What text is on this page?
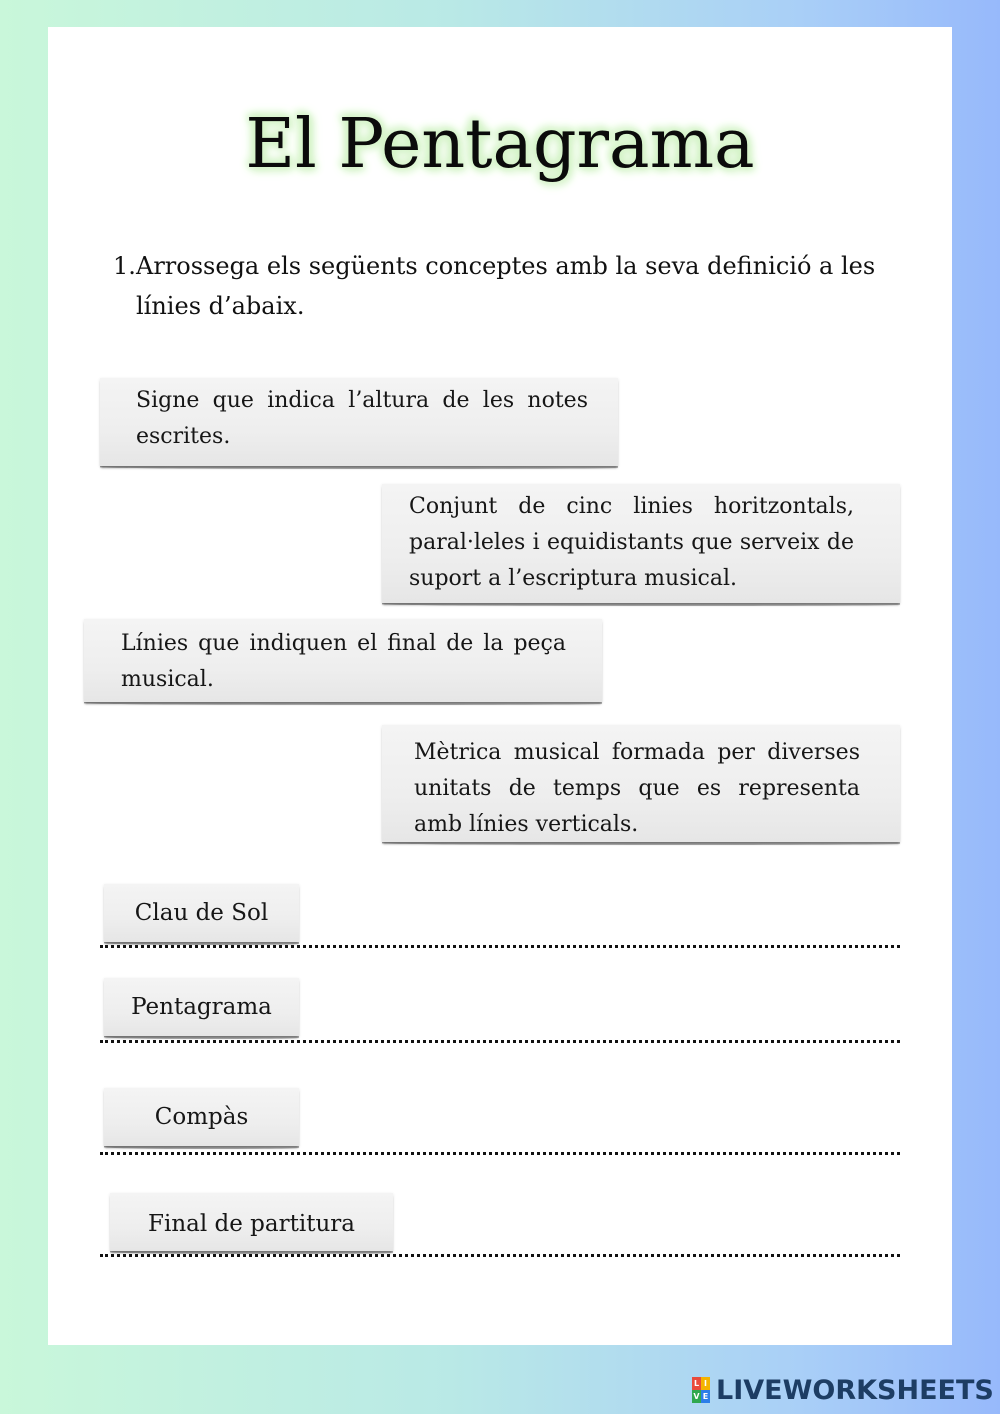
El Pentagrama
1. Arrossega els següents conceptes amb la seva definició a les línies d’abaix.
Signe que indica l’altura de les notes escrites.
Conjunt de cinc linies horitzontals, paral·leles i equidistants que serveix de suport a l’escriptura musical.
Línies que indiquen el final de la peça musical.
Mètrica musical formada per diverses unitats de temps que es representa amb línies verticals.
Clau de Sol
Pentagrama
Compàs
Final de partitura
L I
V E LIVEWORKSHEETS
